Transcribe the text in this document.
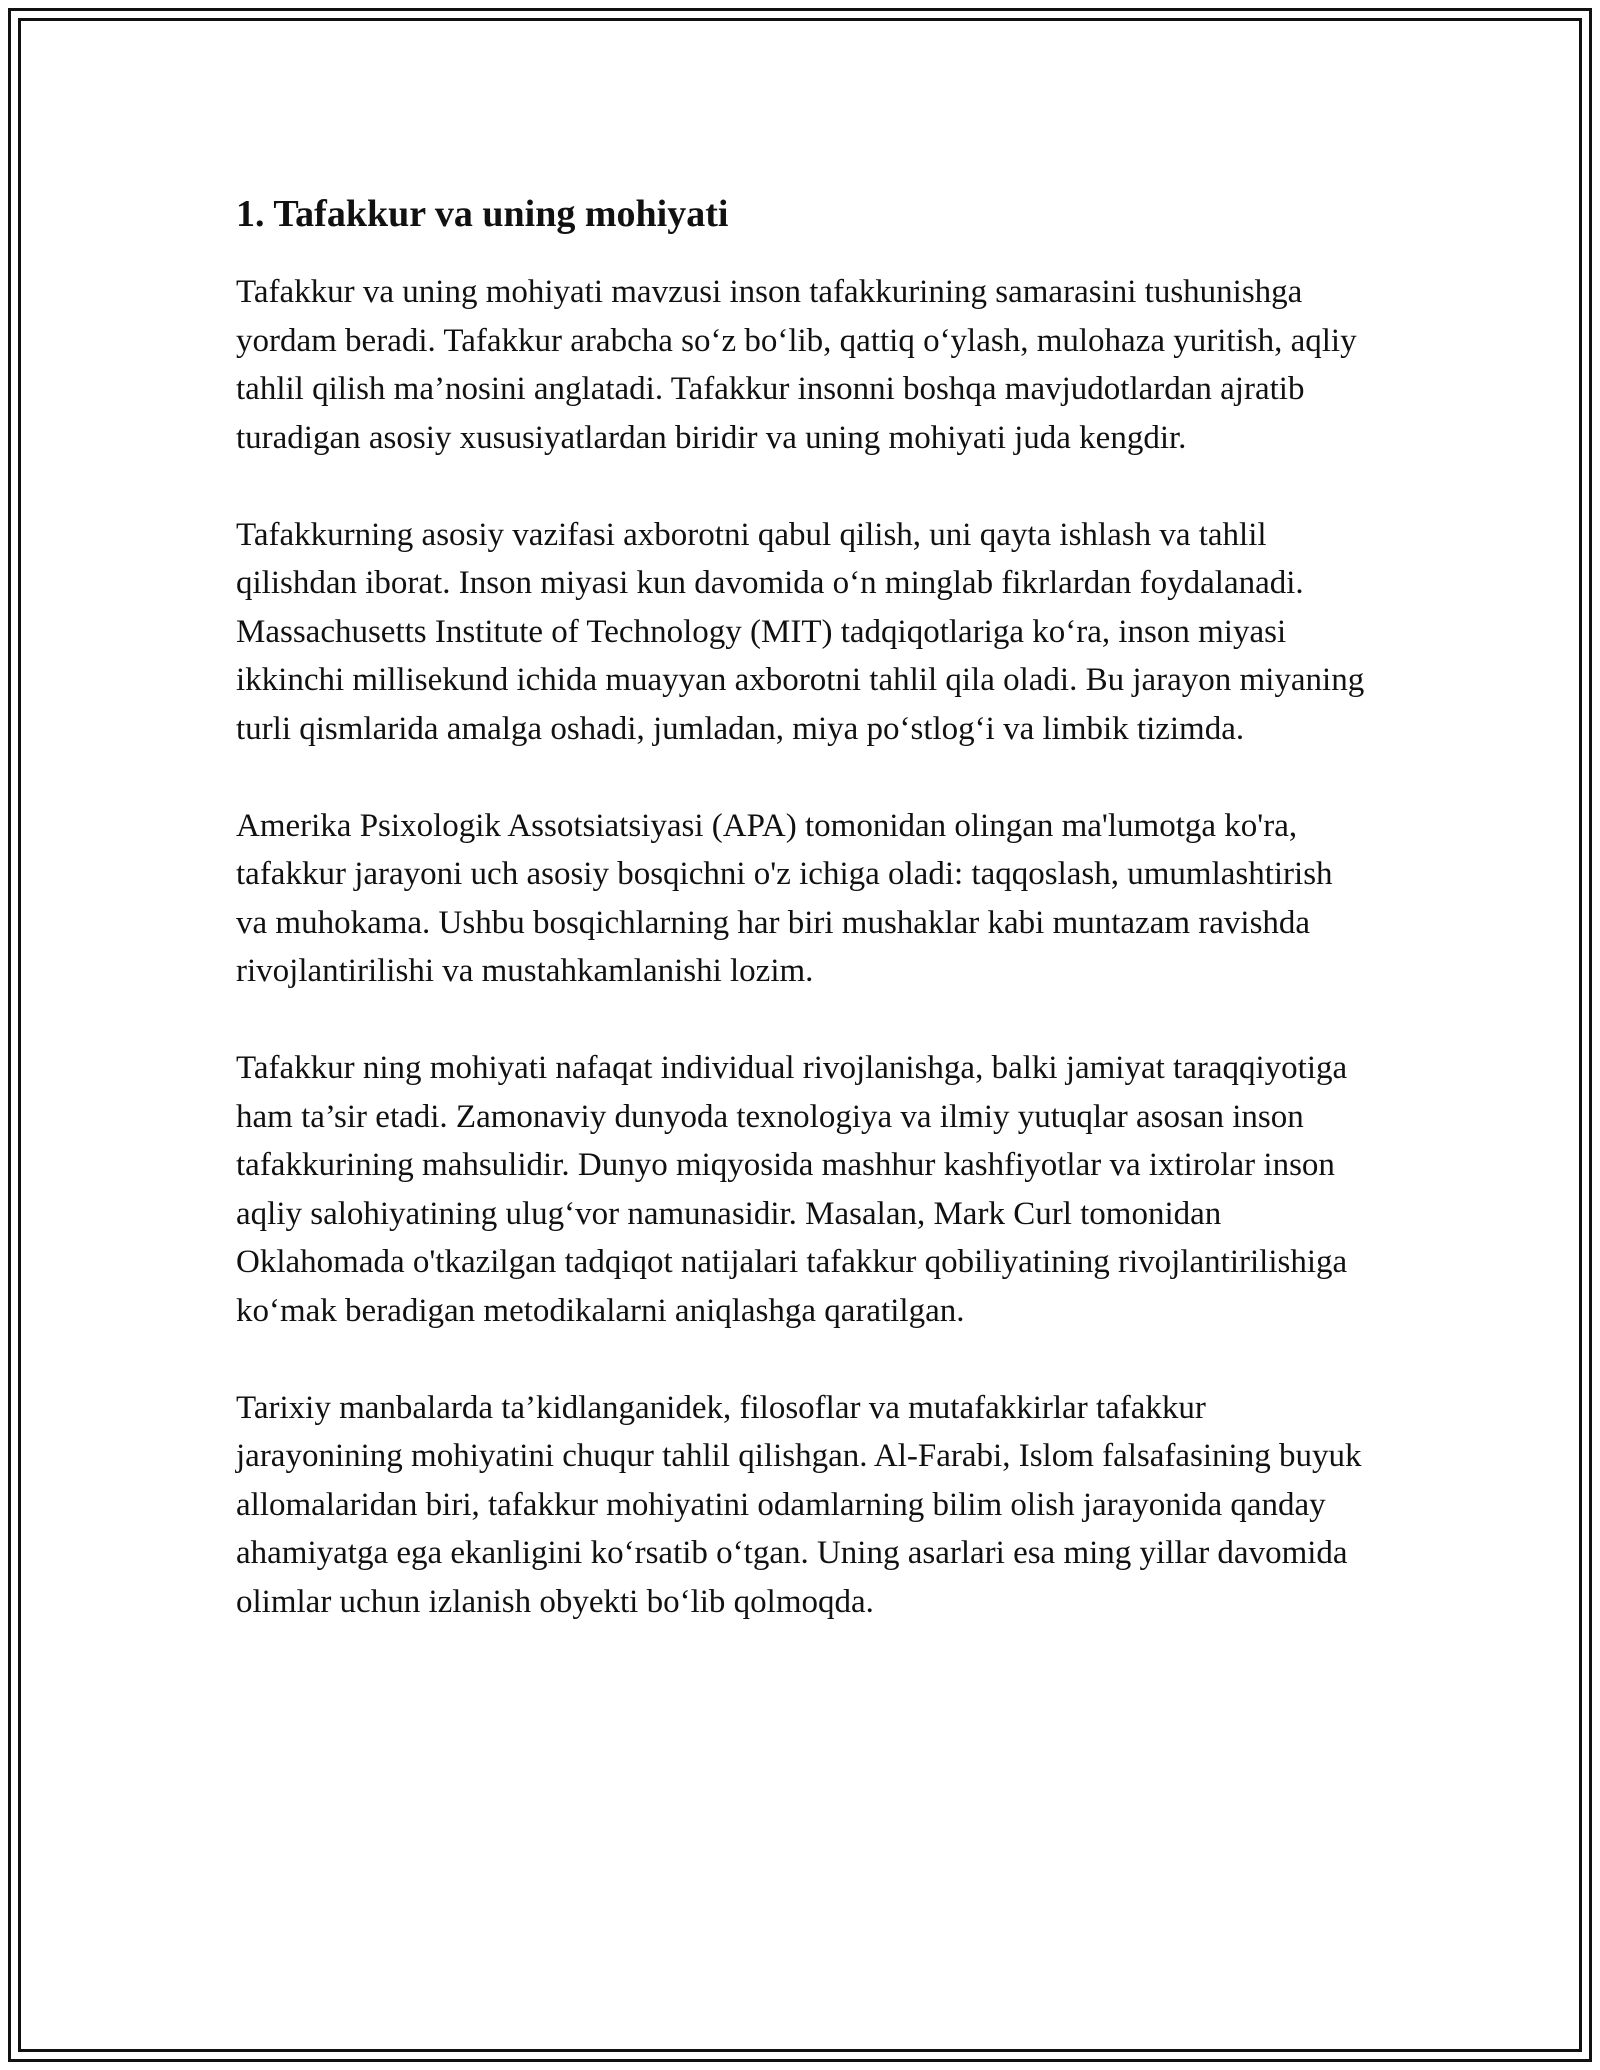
1. Tafakkur va uning mohiyati

Tafakkur va uning mohiyati mavzusi inson tafakkurining samarasini tushunishga yordam beradi. Tafakkur arabcha so‘z bo‘lib, qattiq o‘ylash, mulohaza yuritish, aqliy tahlil qilish ma’nosini anglatadi. Tafakkur insonni boshqa mavjudotlardan ajratib turadigan asosiy xususiyatlardan biridir va uning mohiyati juda kengdir.

Tafakkurning asosiy vazifasi axborotni qabul qilish, uni qayta ishlash va tahlil qilishdan iborat. Inson miyasi kun davomida o‘n minglab fikrlardan foydalanadi. Massachusetts Institute of Technology (MIT) tadqiqotlariga ko‘ra, inson miyasi ikkinchi millisekund ichida muayyan axborotni tahlil qila oladi. Bu jarayon miyaning turli qismlarida amalga oshadi, jumladan, miya po‘stlog‘i va limbik tizimda.

Amerika Psixologik Assotsiatsiyasi (APA) tomonidan olingan ma'lumotga ko'ra, tafakkur jarayoni uch asosiy bosqichni o'z ichiga oladi: taqqoslash, umumlashtirish va muhokama. Ushbu bosqichlarning har biri mushaklar kabi muntazam ravishda rivojlantirilishi va mustahkamlanishi lozim.

Tafakkur ning mohiyati nafaqat individual rivojlanishga, balki jamiyat taraqqiyotiga ham ta’sir etadi. Zamonaviy dunyoda texnologiya va ilmiy yutuqlar asosan inson tafakkurining mahsulidir. Dunyo miqyosida mashhur kashfiyotlar va ixtirolar inson aqliy salohiyatining ulug‘vor namunasidir. Masalan, Mark Curl tomonidan Oklahomada o'tkazilgan tadqiqot natijalari tafakkur qobiliyatining rivojlantirilishiga ko‘mak beradigan metodikalarni aniqlashga qaratilgan.

Tarixiy manbalarda ta’kidlanganidek, filosoflar va mutafakkirlar tafakkur jarayonining mohiyatini chuqur tahlil qilishgan. Al-Farabi, Islom falsafasining buyuk allomalaridan biri, tafakkur mohiyatini odamlarning bilim olish jarayonida qanday ahamiyatga ega ekanligini ko‘rsatib o‘tgan. Uning asarlari esa ming yillar davomida olimlar uchun izlanish obyekti bo‘lib qolmoqda.
